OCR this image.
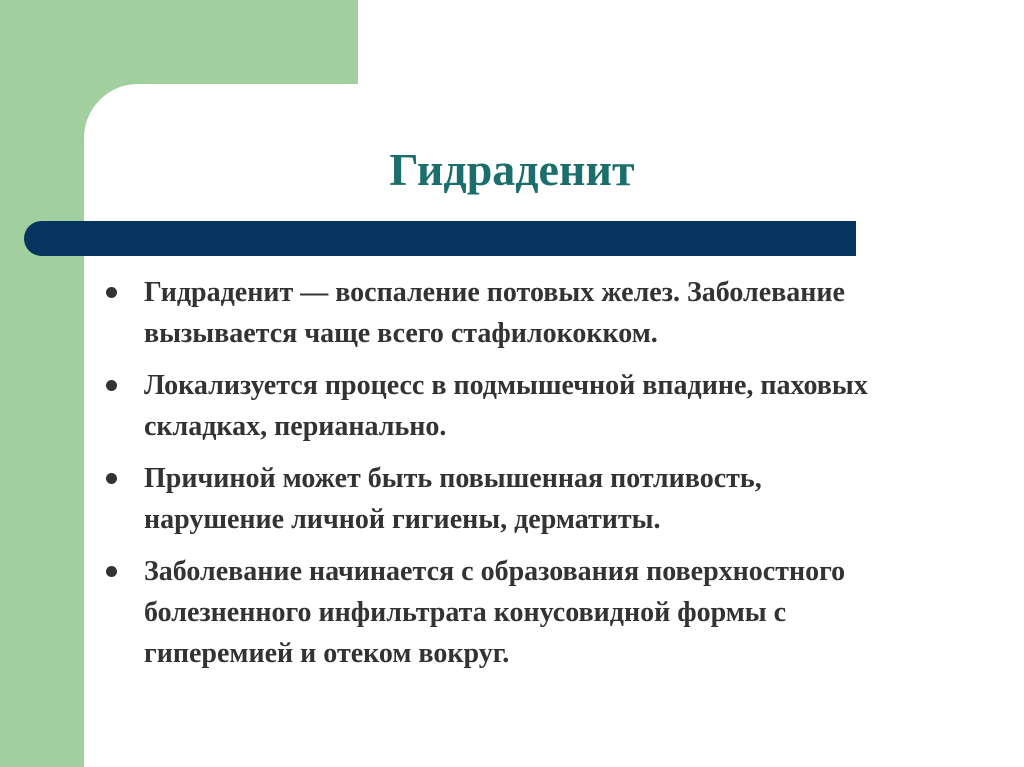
Гидраденит
Гидраденит — воспаление потовых желез. Заболевание вызывается чаще всего стафилококком.
Локализуется процесс в подмышечной впадине, паховых складках, перианально.
Причиной может быть повышенная потливость, нарушение личной гигиены, дерматиты.
Заболевание начинается с образования поверхностного болезненного инфильтрата конусовидной формы с гиперемией и отеком вокруг.
